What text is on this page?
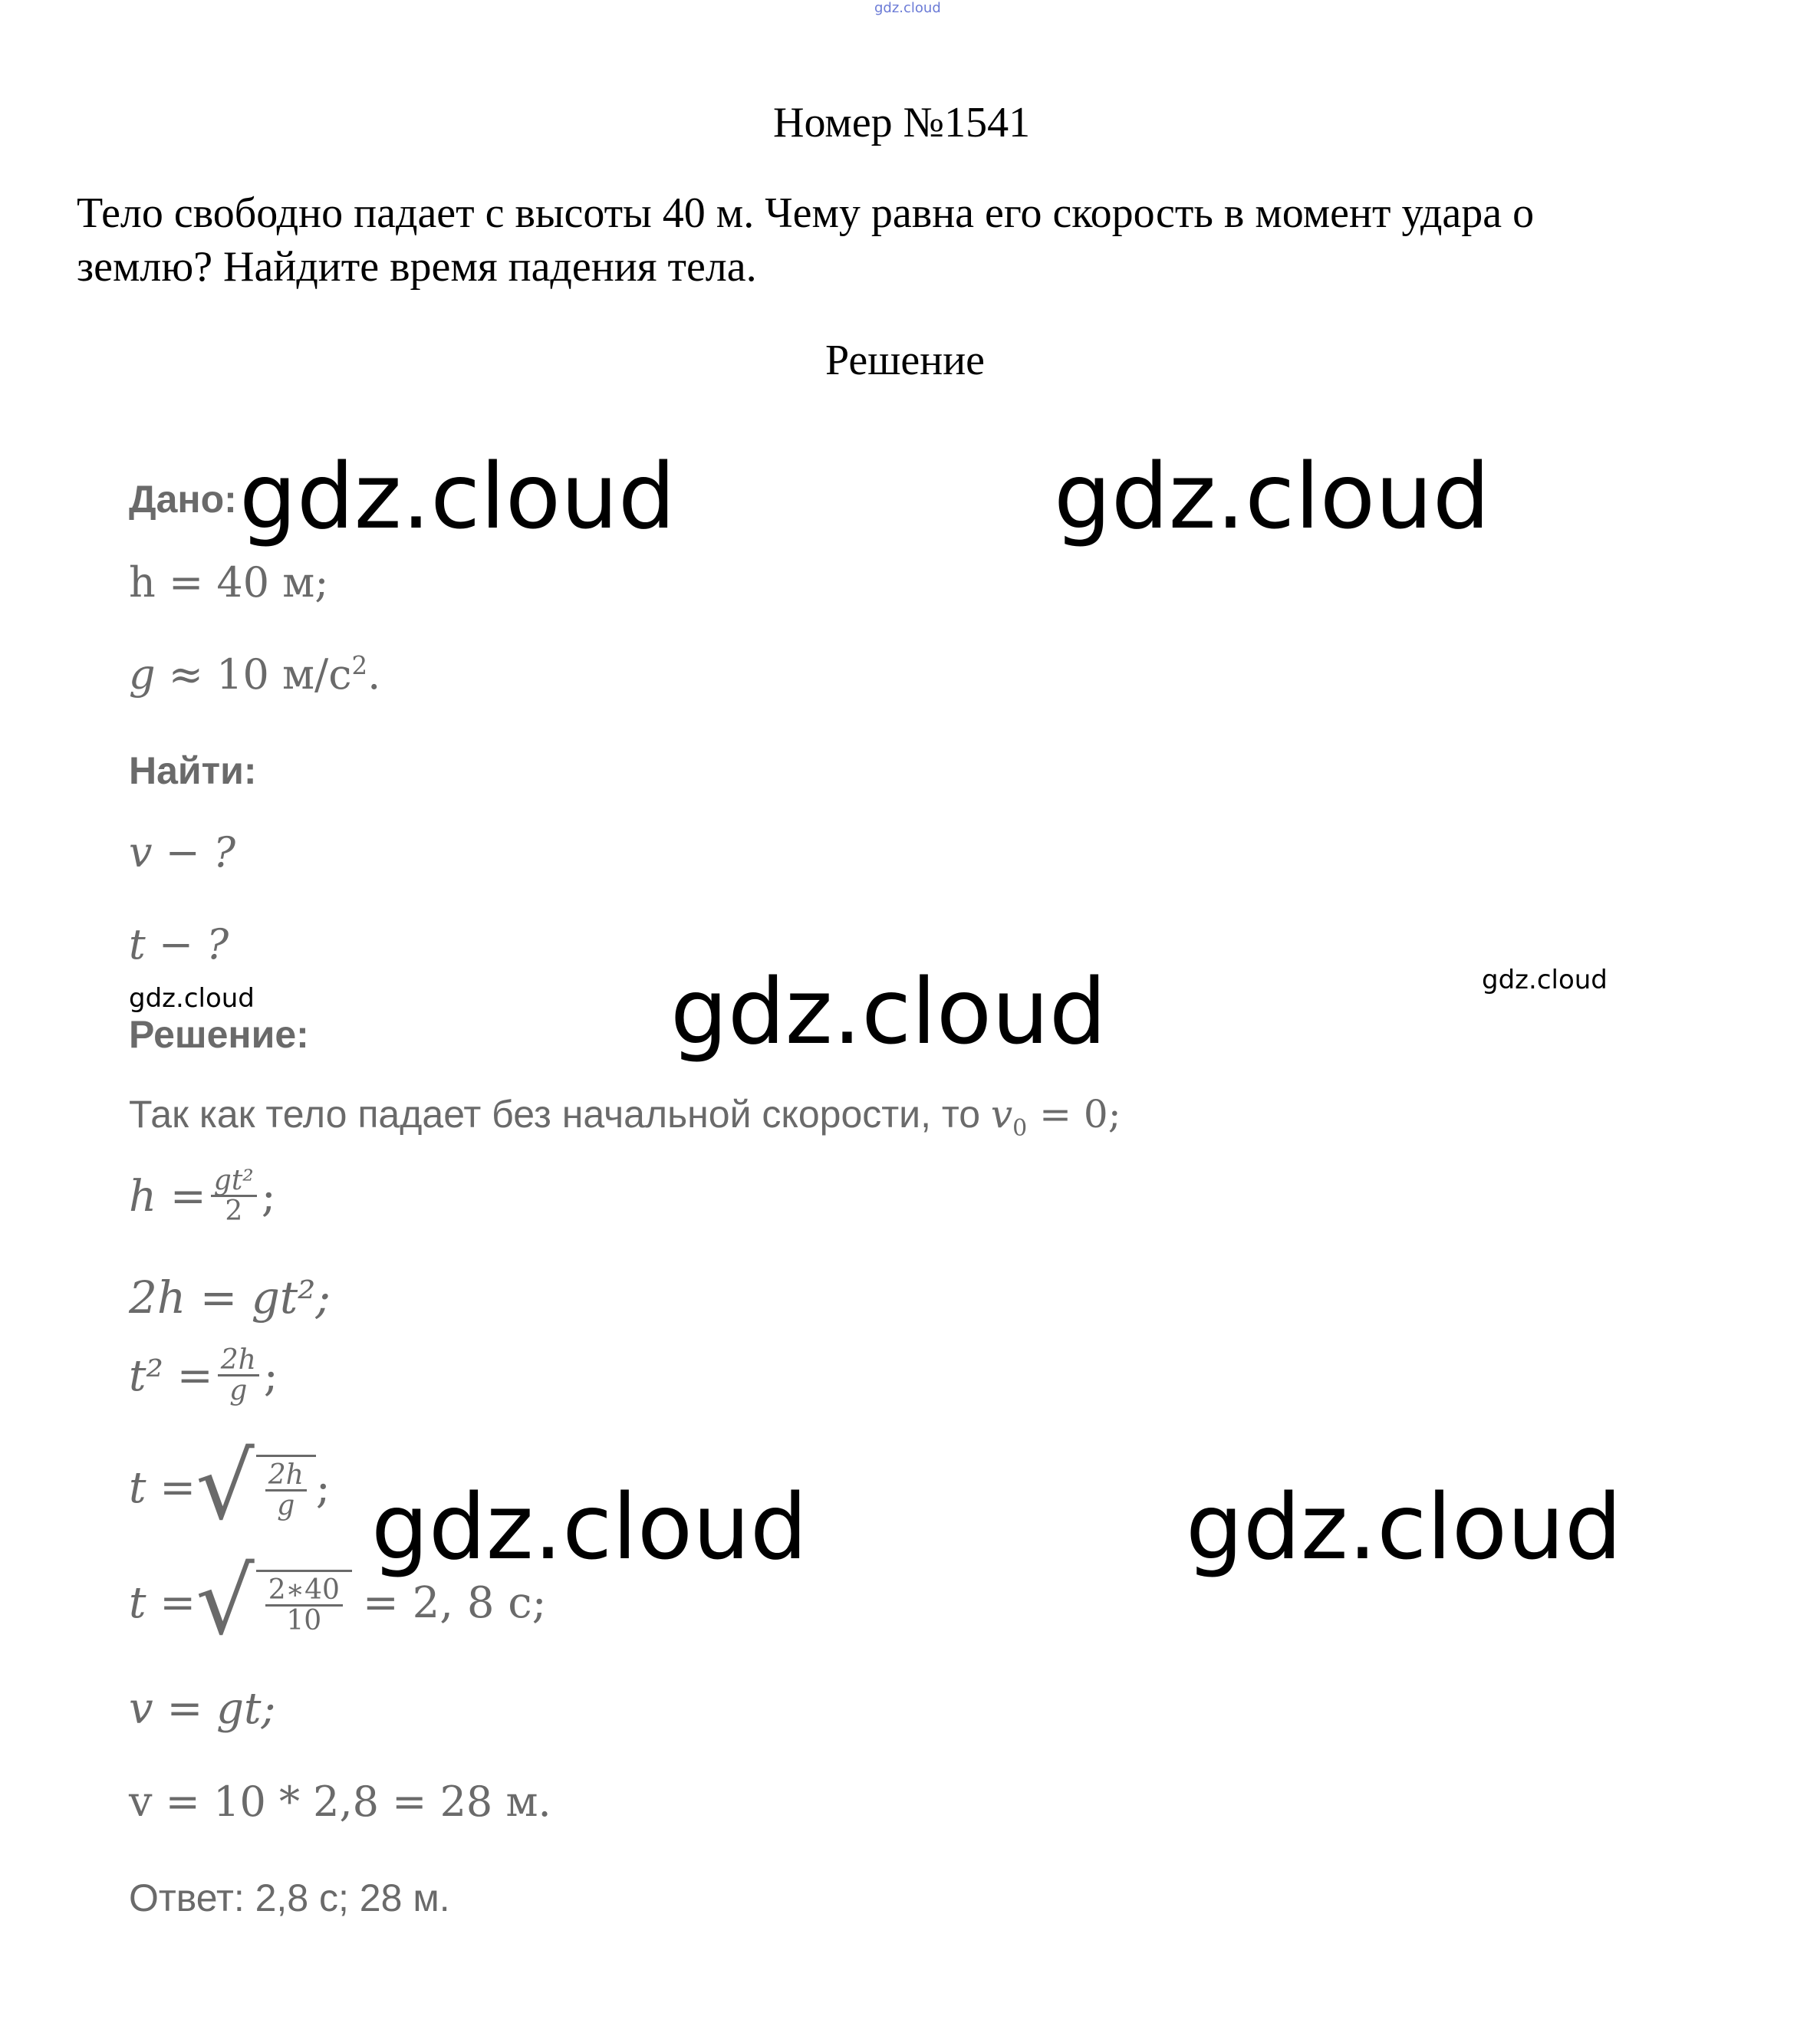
gdz.cloud
Номер №1541
Тело свободно падает с высоты 40 м. Чему равна его скорость в момент удара о
землю? Найдите время падения тела.
Решение
Дано:
h = 40 м;
g ≈ 10 $м/с^2$.
Найти:
v − ?
t − ?
Решение:
Так как тело падает без начальной скорости, то $v_0 = 0$;
$h = \frac{\text{gt²}}{2}$ ;
2h = gt²;
$t^2 = \frac{2h}{g}$ ;
t = √ $\frac{2h}{g}$ ;
t = √ $\frac{2∗40}{10} = 2$, 8 с;
v = gt;
v = 10 * 2,8 = 28 м.
Ответ: 2,8 с; 28 м.
gdz.cloud	gdz.cloud
gdz.cloud
gdz.cloud	gdz.cloud
gdz.cloud
gdz.cloud
